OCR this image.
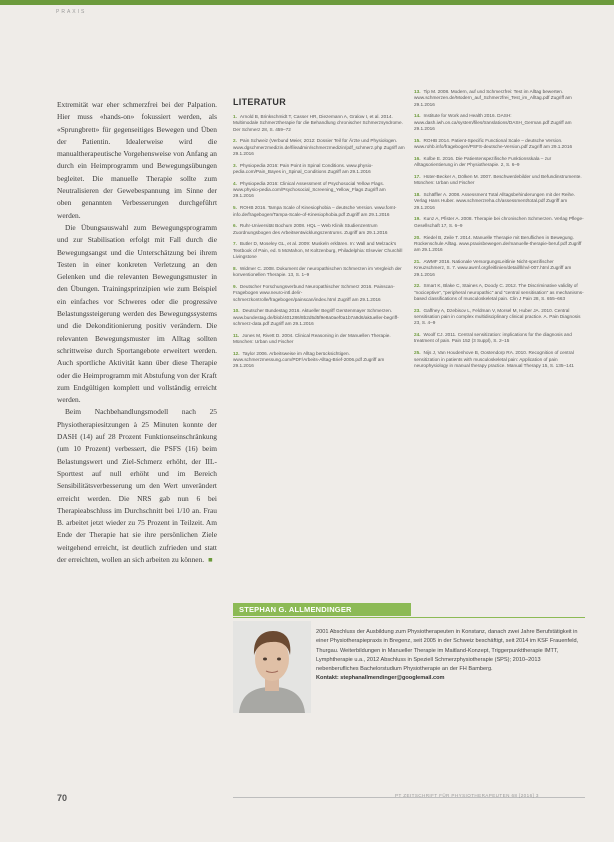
PRAXIS

Extremität war eher schmerzfrei bei der Palpation. Hier muss «hands-on» fokussiert werden, als «Sprungbrett» für gegenseitiges Bewegen und Üben der Patientin. Idealerweise wird die manualtherapeutische Vorgehensweise von Anfang an durch ein Heimprogramm und Bewegungsübungen begleitet. Die manuelle Therapie sollte zum Neutralisieren der Gewebespannung im Sinne der oben genannten Verbesserungen durchgeführt werden.

Die Übungsauswahl zum Bewegungsprogramm und zur Stabilisation erfolgt mit Fall durch die Bewegungsangst und die Unterschätzung bei ihrem Testen in einer konkreten Verletzung an den Gelenken und die relevanten Bewegungsmuster in den Übungen. Trainingsprinzipien wie zum Beispiel ein einfaches vor Schweres oder die progressive Belastungssteigerung werden des Bewegungssystems und die Dekonditionierung positiv verändern. Die relevanten Bewegungsmuster im Alltag sollten schrittweise durch Sportangebote erweitert werden. Auch sportliche Aktivität kann über diese Therapie oder die Heimprogramm mit Abstufung von der Kraft zum Endgültigen komplett und vollständig erreicht werden.

Beim Nachbehandlungsmodell nach 25 Physiotherapiesitzungen à 25 Minuten konnte der DASH (14) auf 28 Prozent Funktionseinschränkung (um 10 Prozent) verbessert, die PSFS (16) beim Belastungswert und Ziel-Schmerz erhöht, der IIL-Sporttest auf null erhöht und im Bereich Sensibilitätsverbesserung um den Wert unverändert erreicht werden. Die NRS gab nun 6 bei Therapieabschluss im Durchschnitt bei 1/10 an. Frau B. arbeitet jetzt wieder zu 75 Prozent in Teilzeit. Am Ende der Therapie hat sie ihre persönlichen Ziele weitgehend erreicht, ist deutlich zufrieden und statt der erreichten, wollen an sich arbeiten zu können. ■

LITERATUR

1. Arnold B, Brinkschmidt T, Casser HR, Diezemann A, Gralow I, et al. 2014. Multimodale Schmerztherapie für die Behandlung chronischer Schmerzsyndrome. Der Schmerz 28, S. 459–72

2. Pain Schweiz (Verbund Meier, 2012: Dossier Teil für Ärzte und Physiologen. www.dgschmerzmedizin.de/fileadmin/schmerzmedizin/pdf_schmerz.php Zugriff am 29.1.2016

3. Physiopedia 2016: Pain Point in Spinal Conditions. www.physio-pedia.com/Pain_Bayes in_Spinal_Conditions Zugriff am 29.1.2016

4. Physiopedia 2016: Clinical Assessment of Psychosocial Yellow Flags. www.physio-pedia.com/Psychosocial_Screening_Yellow_Flags Zugriff am 29.1.2016

5. ROHB 2016. Tampa Scale of Kinesiophobia – deutsche Version. www.fomt-info.de/fragebogen/Tampa-Scale-of-Kinesiophobia.pdf Zugriff am 29.1.2016

6. Ruhr-Universität Bochum 2008. HQL – Web Klinik Studienzentrum Zuordnungsbogen des Arbeitsentwicklungszentrums. Zugriff am 29.1.2016

7. Butler D, Moseley GL, et al. 2009: Muskeln erklären. In: Wall and Melzack's Textbook of Pain, ed. 5 McMahon, M Koltzenburg, Philadelphia: Elsevier Churchill Livingstone

8. Widmer C. 2008. Dokument der neuropathischen Schmerzen im Vergleich der konventionellen Therapie. 13, S. 1–9

9. Deutscher Forschungsverbund Neuropathischer Schmerz 2016. Painscan-Fragebogen www.neuro-intl.de/ir-schmerzkontrolle/fragebogen/painscan/index.html Zugriff am 29.1.2016

10. Deutscher Bundestag 2016. Aktueller Begriff Gerstenmayer Schmerzen. www.bundestag.de/blob/401286/8b2d5d5f9e8a0aef0a1b7a9d6/aktueller-begriff-schmerz-data.pdf Zugriff am 29.1.2016

11. Jones M, Rivett D. 2004. Clinical Reasoning in der Manuellen Therapie. München: Urban und Fischer

12. Taylor 2006. Arbeitsweise im Alltag berücksichtigen. www.schmerzmessung.com/PDF/Arbeits-Alltag-Brief-2006.pdf Zugriff am 29.1.2016

13. Tip M. 2008. Modern, auf und Schmerzfrei: Test im Alltag bewerten. www.schmerzen.de/Modern_auf_Schmerzfrei_Test_im_Alltag.pdf Zugriff am 29.1.2016

14. Institute for Work and Health 2016. DASH: www.dash.iwh.on.ca/system/files/translations/DASH_German.pdf Zugriff am 29.1.2016

15. ROHB 2014. Patient-Specific Functional Scale – deutsche Version. www.rohb.info/fragebogen/PSFS-deutsche-Version.pdf Zugriff am 29.1.2016

16. Kolbe E. 2016. Die Patientenspezifische Funktionsskala – zur Alltagsorientierung in der Physiotherapie. 2, S. 6–9

17. Hüter-Becker A, Dölken M. 2007. Beschwerdebilder und Befundinstrumente. München: Urban und Fischer

18. Schäffler A. 2008. Assessment Total Alltagsbehinderungen mit der Reihe. Verlag Hans Huber. www.schmerzreha.ch/assessment/total.pdf Zugriff am 29.1.2016

19. Kunz A, Pfister A. 2008. Therapie bei chronischen Schmerzen. Verlag Pflege-Gesellschaft 17, S. 6–9

20. Riedel B, Zeile T. 2014. Manuelle Therapie mit Beruflichen in Bewegung. Rückenschule Alltag. www.praxisbewegen.de/manuelle-therapie-beruf.pdf Zugriff am 29.1.2016

21. AWMF 2016. Nationale VersorgungsLeitlinie Nicht-spezifischer Kreuzschmerz, S. 7. www.awmf.org/leitlinien/detail/ll/nvl-007.html Zugriff am 29.1.2016

22. Smart K, Blake C, Staines A, Doody C. 2012. The Discriminative validity of "nociceptive", "peripheral neuropathic" and "central sensitisation" as mechanisms-based classifications of musculoskeletal pain. Clin J Pain 28, S. 655–663

23. Gaffney A, Dzebisov L, Feldman V, Morsel M, Huber JA. 2010. Central sensitisation pain in complex multidisciplinary clinical practice. A. Pain Diagnosis 23, S. 4–9

24. Woolf CJ. 2011. Central sensitization: implications for the diagnosis and treatment of pain. Pain 152 (3 Suppl), S. 2–15

25. Nijs J, Van Houdenhove B, Oostendorp RA. 2010. Recognition of central sensitization in patients with musculoskeletal pain: Application of pain neurophysiology in manual therapy practice. Manual Therapy 15, S. 135–141

STEPHAN G. ALLMENDINGER
2001 Abschluss der Ausbildung zum Physiotherapeuten in Konstanz, danach zwei Jahre Berufstätigkeit in einer Physiotherapiepraxis in Bregenz, seit 2005 in der Schweiz beschäftigt, seit 2014 im KSF Frauenfeld, Thurgau. Weiterbildungen in Manueller Therapie im Maitland-Konzept, Triggerpunkttherapie IMTT, Lymphtherapie u.a., 2012 Abschluss in Speziell Schmerzphysiotherapie (SPS); 2010–2013 nebenberufliches Bachelorstudium Physiotherapie an der FH Bamberg.
Kontakt: stephanallmendinger@googlemail.com
70	PT ZEITSCHRIFT FÜR PHYSIOTHERAPEUTEN 68 [2016] 3
